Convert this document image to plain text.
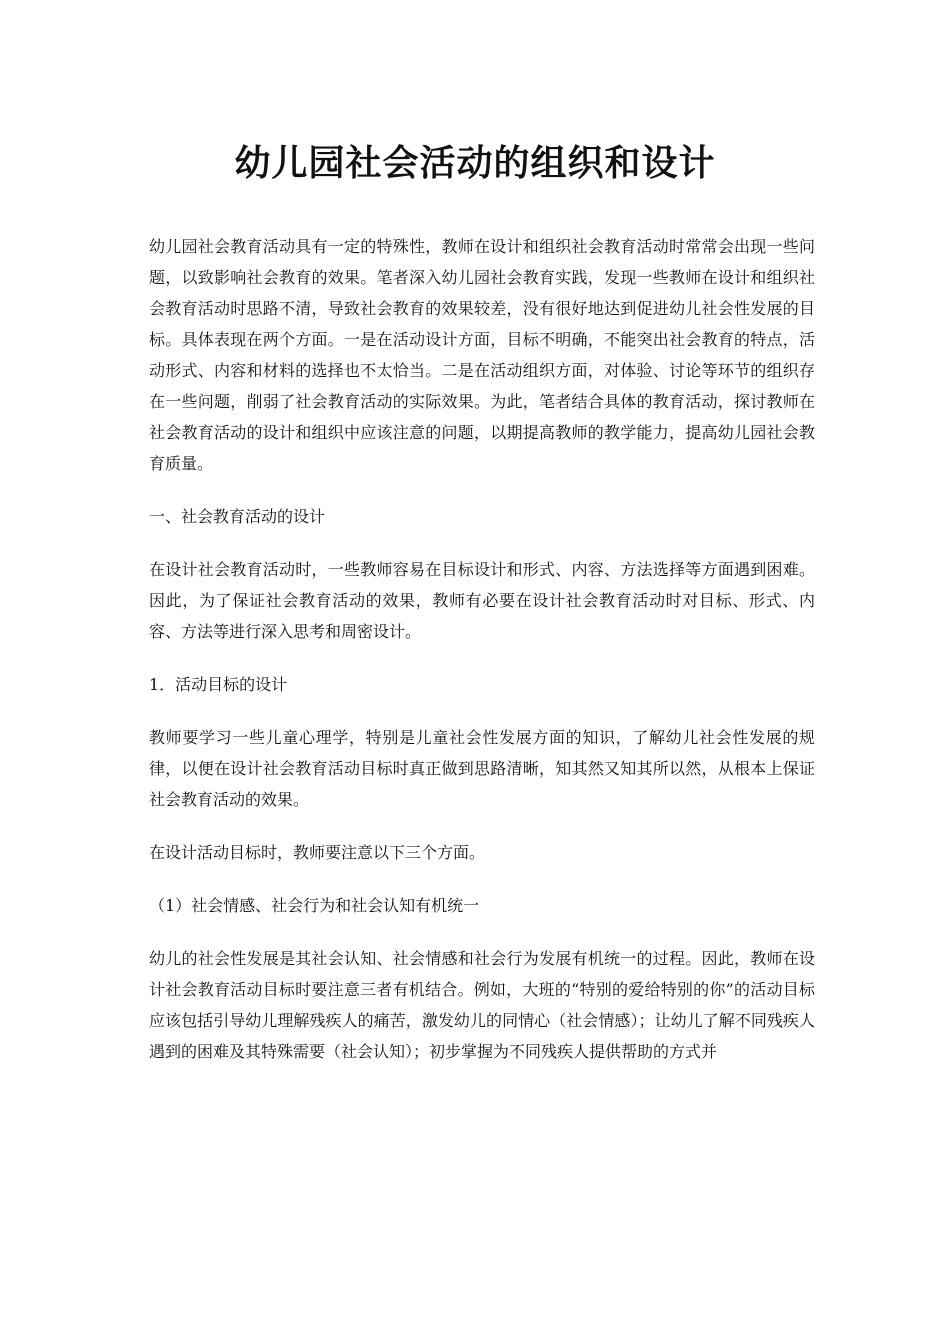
幼儿园社会活动的组织和设计

幼儿园社会教育活动具有一定的特殊性，教师在设计和组织社会教育活动时常常会出现一些问题，以致影响社会教育的效果。笔者深入幼儿园社会教育实践，发现一些教师在设计和组织社会教育活动时思路不清，导致社会教育的效果较差，没有很好地达到促进幼儿社会性发展的目标。具体表现在两个方面。一是在活动设计方面，目标不明确，不能突出社会教育的特点，活动形式、内容和材料的选择也不太恰当。二是在活动组织方面，对体验、讨论等环节的组织存在一些问题，削弱了社会教育活动的实际效果。为此，笔者结合具体的教育活动，探讨教师在社会教育活动的设计和组织中应该注意的问题，以期提高教师的教学能力，提高幼儿园社会教育质量。

一、社会教育活动的设计

在设计社会教育活动时，一些教师容易在目标设计和形式、内容、方法选择等方面遇到困难。因此，为了保证社会教育活动的效果，教师有必要在设计社会教育活动时对目标、形式、内容、方法等进行深入思考和周密设计。

1．活动目标的设计

教师要学习一些儿童心理学，特别是儿童社会性发展方面的知识，了解幼儿社会性发展的规律，以便在设计社会教育活动目标时真正做到思路清晰，知其然又知其所以然，从根本上保证社会教育活动的效果。

在设计活动目标时，教师要注意以下三个方面。

（1）社会情感、社会行为和社会认知有机统一

幼儿的社会性发展是其社会认知、社会情感和社会行为发展有机统一的过程。因此，教师在设计社会教育活动目标时要注意三者有机结合。例如，大班的“特别的爱给特别的你”的活动目标应该包括引导幼儿理解残疾人的痛苦，激发幼儿的同情心（社会情感）；让幼儿了解不同残疾人遇到的困难及其特殊需要（社会认知）；初步掌握为不同残疾人提供帮助的方式并
